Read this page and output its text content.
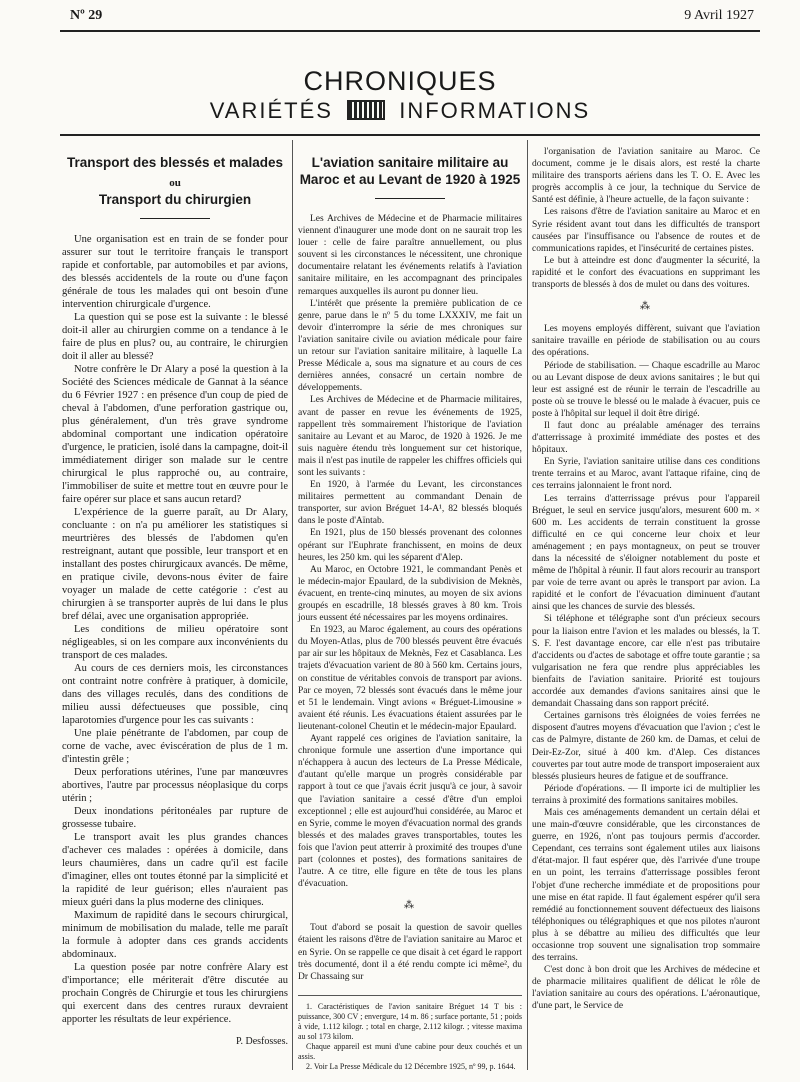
Nº 29	9 Avril 1927
CHRONIQUES
VARIÉTÉS	INFORMATIONS
Transport des blessés et malades
ou
Transport du chirurgien

Une organisation est en train de se fonder pour assurer sur tout le territoire français le transport rapide et confortable, par automobiles et par avions, des blessés accidentels de la route ou d'une façon générale de tous les malades qui ont besoin d'une intervention chirurgicale d'urgence.

La question qui se pose est la suivante : le blessé doit-il aller au chirurgien comme on a tendance à le faire de plus en plus? ou, au contraire, le chirurgien doit il aller au blessé?

Notre confrère le Dr Alary a posé la question à la Société des Sciences médicale de Gannat à la séance du 6 Février 1927 : en présence d'un coup de pied de cheval à l'abdomen, d'une perforation gastrique ou, plus généralement, d'un très grave syndrome abdominal comportant une indication opératoire d'urgence, le praticien, isolé dans la campagne, doit-il immédiatement diriger son malade sur le centre chirurgical le plus rapproché ou, au contraire, l'immobiliser de suite et mettre tout en œuvre pour le faire opérer sur place et sans aucun retard?

L'expérience de la guerre paraît, au Dr Alary, concluante : on n'a pu améliorer les statistiques si meurtrières des blessés de l'abdomen qu'en restreignant, autant que possible, leur transport et en installant des postes chirurgicaux avancés. De même, en pratique civile, devons-nous éviter de faire voyager un malade de cette catégorie : c'est au chirurgien à se transporter auprès de lui dans le plus bref délai, avec une organisation appropriée.

Les conditions de milieu opératoire sont négligeables, si on les compare aux inconvénients du transport de ces malades.

Au cours de ces derniers mois, les circonstances ont contraint notre confrère à pratiquer, à domicile, dans des villages reculés, dans des conditions de milieu aussi défectueuses que possible, cinq laparotomies d'urgence pour les cas suivants :

Une plaie pénétrante de l'abdomen, par coup de corne de vache, avec éviscération de plus de 1 m. d'intestin grêle ;

Deux perforations utérines, l'une par manœuvres abortives, l'autre par processus néoplasique du corps utérin ;

Deux inondations péritonéales par rupture de grossesse tubaire.

Le transport avait les plus grandes chances d'achever ces malades : opérées à domicile, dans leurs chaumières, dans un cadre qu'il est facile d'imaginer, elles ont toutes étonné par la simplicité et la rapidité de leur guérison; elles n'auraient pas mieux guéri dans la plus moderne des cliniques.

Maximum de rapidité dans le secours chirurgical, minimum de mobilisation du malade, telle me paraît la formule à adopter dans ces grands accidents abdominaux.

La question posée par notre confrère Alary est d'importance; elle mériterait d'être discutée au prochain Congrès de Chirurgie et tous les chirurgiens qui exercent dans des centres ruraux devraient apporter les résultats de leur expérience.

P. Desfosses.
L'aviation sanitaire militaire au Maroc et au Levant de 1920 à 1925

Les Archives de Médecine et de Pharmacie militaires viennent d'inaugurer une mode dont on ne saurait trop les louer : celle de faire paraître annuellement, ou plus souvent si les circonstances le nécessitent, une chronique documentaire relatant les événements relatifs à l'aviation sanitaire militaire, en les accompagnant des principales remarques auxquelles ils auront pu donner lieu.

L'intérêt que présente la première publication de ce genre, parue dans le nº 5 du tome LXXXIV, me fait un devoir d'interrompre la série de mes chroniques sur l'aviation sanitaire civile ou aviation médicale pour faire un retour sur l'aviation sanitaire militaire, à laquelle La Presse Médicale a, sous ma signature et au cours de ces dernières années, consacré un certain nombre de développements.

Les Archives de Médecine et de Pharmacie militaires, avant de passer en revue les événements de 1925, rappellent très sommairement l'historique de l'aviation sanitaire au Levant et au Maroc, de 1920 à 1926. Je me suis naguère étendu très longuement sur cet historique, mais il n'est pas inutile de rappeler les chiffres officiels qui sont les suivants :

En 1920, à l'armée du Levant, les circonstances militaires permettent au commandant Denain de transporter, sur avion Bréguet 14-A¹, 82 blessés bloqués dans le poste d'Aïntab.

En 1921, plus de 150 blessés provenant des colonnes opérant sur l'Euphrate franchissent, en moins de deux heures, les 250 km. qui les séparent d'Alep.

Au Maroc, en Octobre 1921, le commandant Penès et le médecin-major Epaulard, de la subdivision de Meknès, évacuent, en trente-cinq minutes, au moyen de six avions groupés en escadrille, 18 blessés graves à 80 km. Trois jours eussent été nécessaires par les moyens ordinaires.

En 1923, au Maroc également, au cours des opérations du Moyen-Atlas, plus de 700 blessés peuvent être évacués par air sur les hôpitaux de Meknès, Fez et Casablanca. Les trajets d'évacuation varient de 80 à 560 km. Certains jours, on constitue de véritables convois de transport par avions. Par ce moyen, 72 blessés sont évacués dans le même jour et 51 le lendemain. Vingt avions « Bréguet-Limousine » avaient été réunis. Les évacuations étaient assurées par le lieutenant-colonel Cheutin et le médecin-major Epaulard.

Ayant rappelé ces origines de l'aviation sanitaire, la chronique formule une assertion d'une importance qui n'échappera à aucun des lecteurs de La Presse Médicale, d'autant qu'elle marque un progrès considérable par rapport à tout ce que j'avais écrit jusqu'à ce jour, à savoir que l'aviation sanitaire a cessé d'être d'un emploi exceptionnel ; elle est aujourd'hui considérée, au Maroc et en Syrie, comme le moyen d'évacuation normal des grands blessés et des malades graves transportables, toutes les fois que l'avion peut atterrir à proximité des troupes d'une part (colonnes et postes), des formations sanitaires de l'autre. A ce titre, elle figure en tête de tous les plans d'évacuation.

⁂

Tout d'abord se posait la question de savoir quelles étaient les raisons d'être de l'aviation sanitaire au Maroc et en Syrie. On se rappelle ce que disait à cet égard le rapport très documenté, dont il a été rendu compte ici même², du Dr Chassaing sur

1. Caractéristiques de l'avion sanitaire Bréguet 14 T bis : puissance, 300 CV ; envergure, 14 m. 86 ; surface portante, 51 ; poids à vide, 1.112 kilogr. ; total en charge, 2.112 kilogr. ; vitesse maxima au sol 173 kilom.

Chaque appareil est muni d'une cabine pour deux couchés et un assis.

2. Voir La Presse Médicale du 12 Décembre 1925, nº 99, p. 1644.

l'organisation de l'aviation sanitaire au Maroc. Ce document, comme je le disais alors, est resté la charte militaire des transports aériens dans les T. O. E. Avec les progrès accomplis à ce jour, la technique du Service de Santé est définie, à l'heure actuelle, de la façon suivante :

Les raisons d'être de l'aviation sanitaire au Maroc et en Syrie résident avant tout dans les difficultés de transport causées par l'insuffisance ou l'absence de routes et de communications rapides, et l'insécurité de certaines pistes.

Le but à atteindre est donc d'augmenter la sécurité, la rapidité et le confort des évacuations en supprimant les transports de blessés à dos de mulet ou dans des voitures.

⁂

Les moyens employés diffèrent, suivant que l'aviation sanitaire travaille en période de stabilisation ou au cours des opérations.

Période de stabilisation. — Chaque escadrille au Maroc ou au Levant dispose de deux avions sanitaires ; le but qui leur est assigné est de réunir le terrain de l'escadrille au poste où se trouve le blessé ou le malade à évacuer, puis ce poste à l'hôpital sur lequel il doit être dirigé.

Il faut donc au préalable aménager des terrains d'atterrissage à proximité immédiate des postes et des hôpitaux.

En Syrie, l'aviation sanitaire utilise dans ces conditions trente terrains et au Maroc, avant l'attaque rifaine, cinq de ces terrains jalonnaient le front nord.

Les terrains d'atterrissage prévus pour l'appareil Bréguet, le seul en service jusqu'alors, mesurent 600 m. × 600 m. Les accidents de terrain constituent la grosse difficulté en ce qui concerne leur choix et leur aménagement ; en pays montagneux, on peut se trouver dans la nécessité de s'éloigner notablement du poste et même de l'hôpital à réunir. Il faut alors recourir au transport par voie de terre avant ou après le transport par avion. La rapidité et le confort de l'évacuation diminuent d'autant ainsi que les chances de survie des blessés.

Si téléphone et télégraphe sont d'un précieux secours pour la liaison entre l'avion et les malades ou blessés, la T. S. F. l'est davantage encore, car elle n'est pas tributaire d'accidents ou d'actes de sabotage et offre toute garantie ; sa vulgarisation ne fera que rendre plus appréciables les bienfaits de l'aviation sanitaire. Priorité est toujours accordée aux demandes d'avions sanitaires ainsi que le demandait Chassaing dans son rapport précité.

Certaines garnisons très éloignées de voies ferrées ne disposent d'autres moyens d'évacuation que l'avion ; c'est le cas de Palmyre, distante de 260 km. de Damas, et celui de Deir-Ez-Zor, situé à 400 km. d'Alep. Ces distances couvertes par tout autre mode de transport imposeraient aux blessés plusieurs heures de fatigue et de souffrance.

Période d'opérations. — Il importe ici de multiplier les terrains à proximité des formations sanitaires mobiles.

Mais ces aménagements demandent un certain délai et une main-d'œuvre considérable, que les circonstances de guerre, en 1926, n'ont pas toujours permis d'accorder. Cependant, ces terrains sont également utiles aux liaisons d'état-major. Il faut espérer que, dès l'arrivée d'une troupe en un point, les terrains d'atterrissage possibles feront l'objet d'une recherche immédiate et de propositions pour une mise en état rapide. Il faut également espérer qu'il sera remédié au fonctionnement souvent défectueux des liaisons téléphoniques ou télégraphiques et que nos pilotes n'auront plus à se débattre au milieu des difficultés que leur occasionne trop souvent une signalisation trop sommaire des terrains.

C'est donc à bon droit que les Archives de médecine et de pharmacie militaires qualifient de délicat le rôle de l'aviation sanitaire au cours des opérations. L'aéronautique, d'une part, le Service de
